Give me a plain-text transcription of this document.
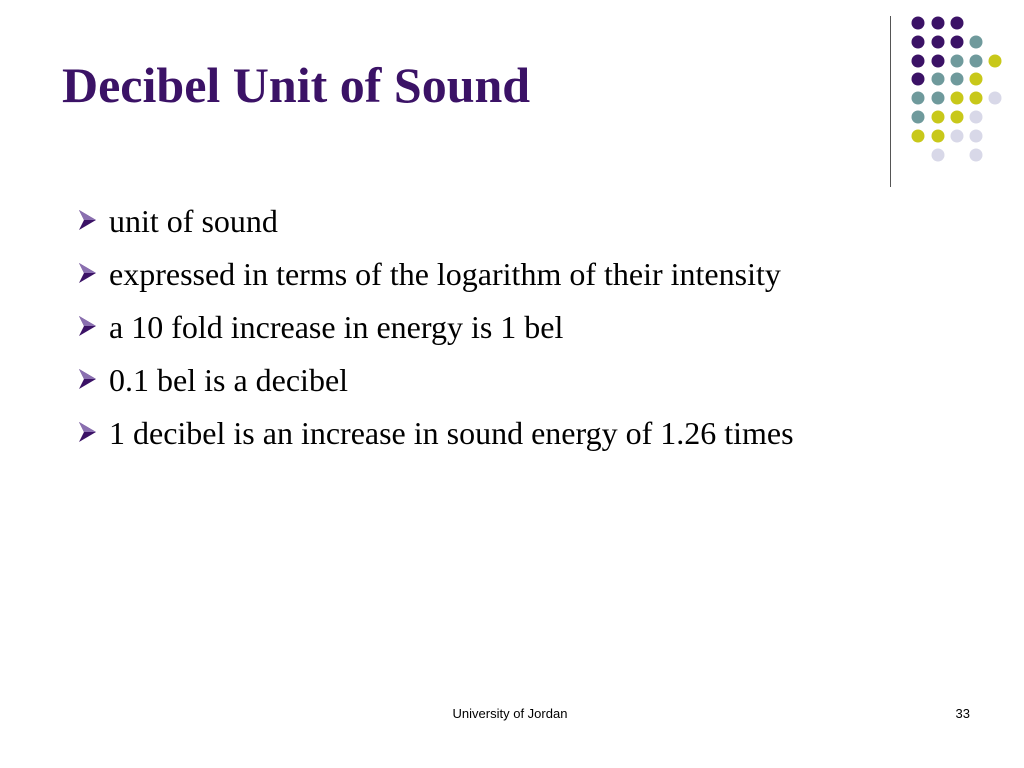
Decibel Unit of Sound
unit of sound
expressed in terms of the logarithm of their intensity
a 10 fold increase in energy is 1 bel
0.1 bel is a decibel
1 decibel is an increase in sound energy of 1.26 times
University of Jordan	33
